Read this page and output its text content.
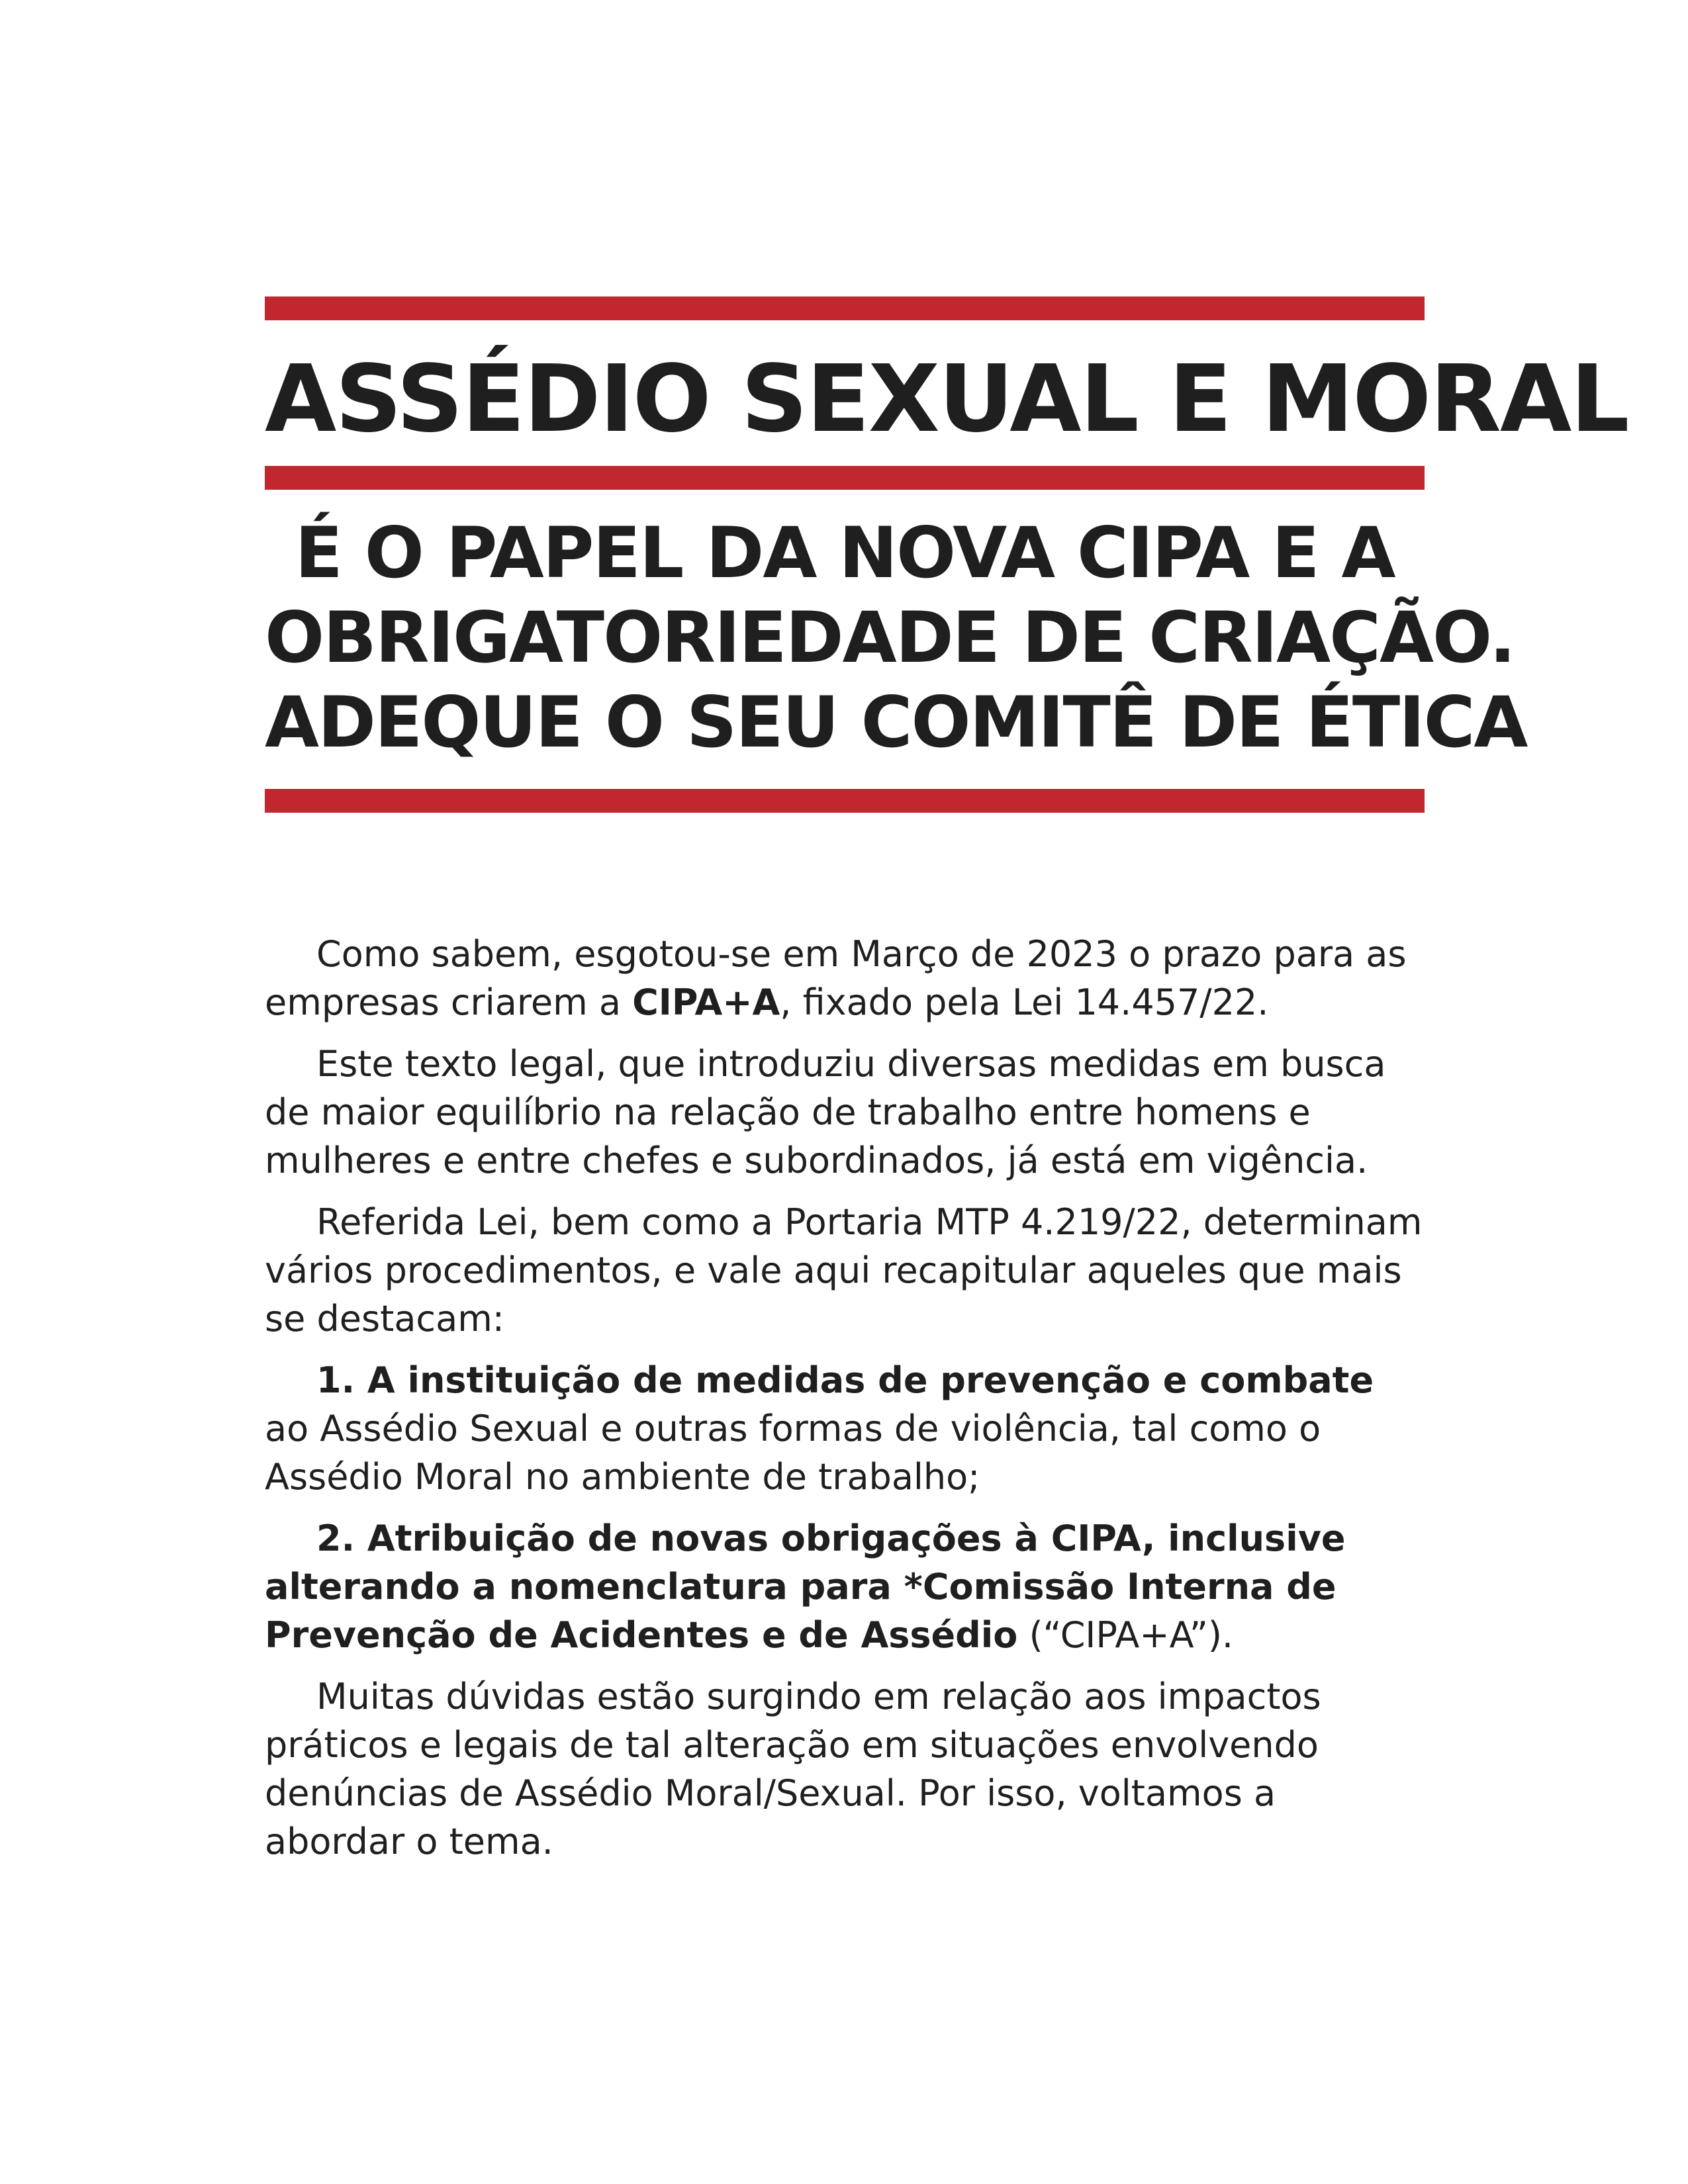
ASSÉDIO SEXUAL E MORAL
É O PAPEL DA NOVA CIPA E A
OBRIGATORIEDADE DE CRIAÇÃO.
ADEQUE O SEU COMITÊ DE ÉTICA

Como sabem, esgotou-se em Março de 2023 o prazo para as empresas criarem a CIPA+A, fixado pela Lei 14.457/22.

Este texto legal, que introduziu diversas medidas em busca de maior equilíbrio na relação de trabalho entre homens e mulheres e entre chefes e subordinados, já está em vigência.

Referida Lei, bem como a Portaria MTP 4.219/22, determinam vários procedimentos, e vale aqui recapitular aqueles que mais se destacam:

1. A instituição de medidas de prevenção e combate ao Assédio Sexual e outras formas de violência, tal como o Assédio Moral no ambiente de trabalho;

2. Atribuição de novas obrigações à CIPA, inclusive alterando a nomenclatura para *Comissão Interna de Prevenção de Acidentes e de Assédio (“CIPA+A”).

Muitas dúvidas estão surgindo em relação aos impactos práticos e legais de tal alteração em situações envolvendo denúncias de Assédio Moral/Sexual. Por isso, voltamos a abordar o tema.
